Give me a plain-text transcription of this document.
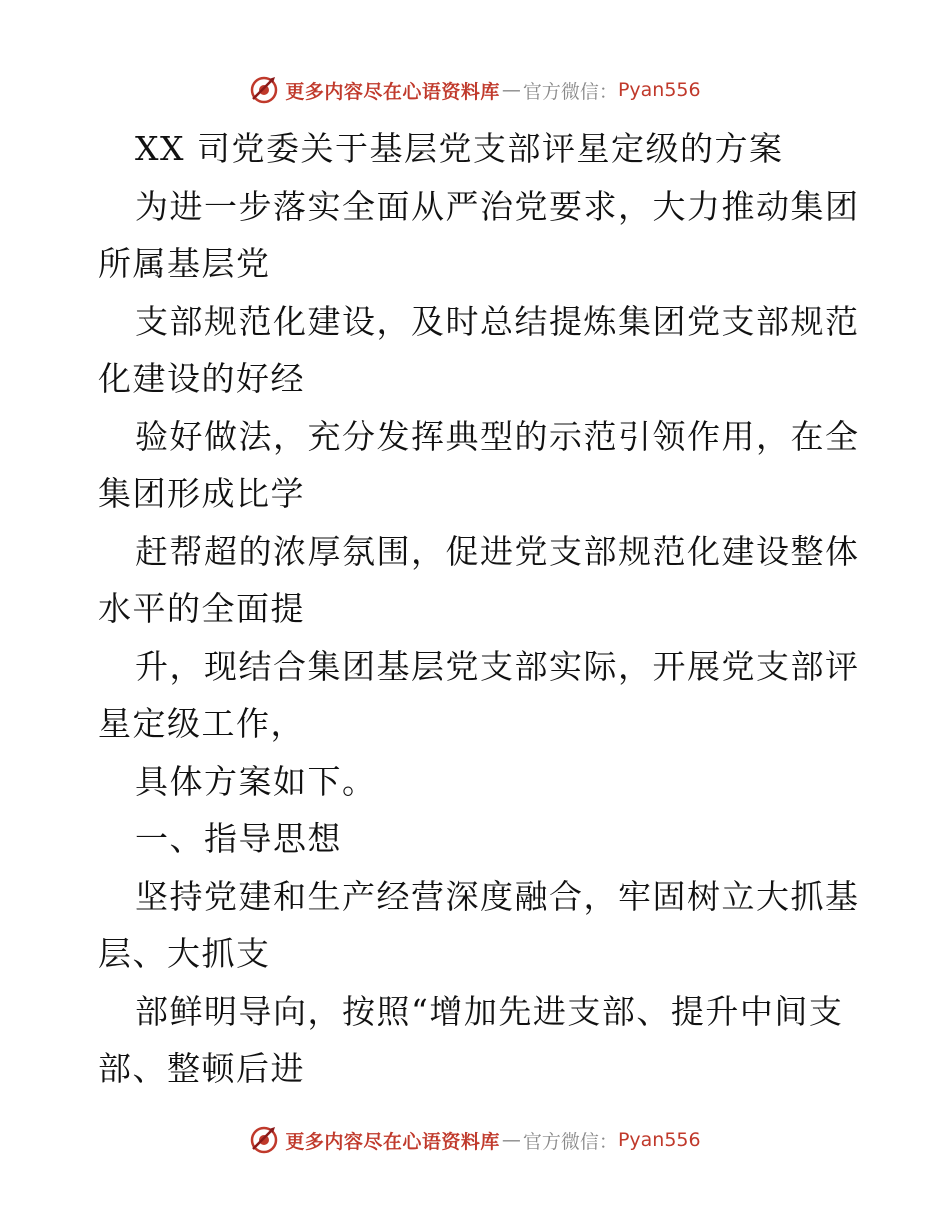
更多内容尽在心语资料库 — 官方微信： Pyan556
XX 司党委关于基层党支部评星定级的方案
为进一步落实全面从严治党要求，大力推动集团
所属基层党
支部规范化建设，及时总结提炼集团党支部规范
化建设的好经
验好做法，充分发挥典型的示范引领作用，在全
集团形成比学
赶帮超的浓厚氛围，促进党支部规范化建设整体
水平的全面提
升，现结合集团基层党支部实际，开展党支部评
星定级工作，
具体方案如下。
一、指导思想
坚持党建和生产经营深度融合，牢固树立大抓基
层、大抓支
部鲜明导向，按照“增加先进支部、提升中间支
部、整顿后进
更多内容尽在心语资料库 — 官方微信： Pyan556
